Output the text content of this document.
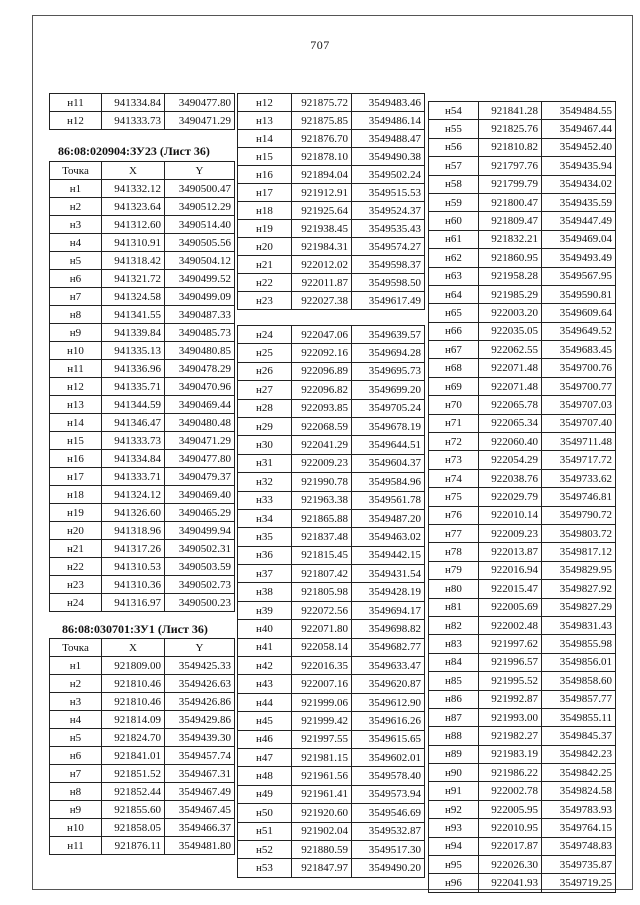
707
н11	941334.84	3490477.80
н12	941333.73	3490471.29
86:08:020904:ЗУ23 (Лист 36)
Точка	X	Y
н1	941332.12	3490500.47
н2	941323.64	3490512.29
н3	941312.60	3490514.40
н4	941310.91	3490505.56
н5	941318.42	3490504.12
н6	941321.72	3490499.52
н7	941324.58	3490499.09
н8	941341.55	3490487.33
н9	941339.84	3490485.73
н10	941335.13	3490480.85
н11	941336.96	3490478.29
н12	941335.71	3490470.96
н13	941344.59	3490469.44
н14	941346.47	3490480.48
н15	941333.73	3490471.29
н16	941334.84	3490477.80
н17	941333.71	3490479.37
н18	941324.12	3490469.40
н19	941326.60	3490465.29
н20	941318.96	3490499.94
н21	941317.26	3490502.31
н22	941310.53	3490503.59
н23	941310.36	3490502.73
н24	941316.97	3490500.23
86:08:030701:ЗУ1 (Лист 36)
Точка	X	Y
н1	921809.00	3549425.33
н2	921810.46	3549426.63
н3	921810.46	3549426.86
н4	921814.09	3549429.86
н5	921824.70	3549439.30
н6	921841.01	3549457.74
н7	921851.52	3549467.31
н8	921852.44	3549467.49
н9	921855.60	3549467.45
н10	921858.05	3549466.37
н11	921876.11	3549481.80
н12	921875.72	3549483.46
н13	921875.85	3549486.14
н14	921876.70	3549488.47
н15	921878.10	3549490.38
н16	921894.04	3549502.24
н17	921912.91	3549515.53
н18	921925.64	3549524.37
н19	921938.45	3549535.43
н20	921984.31	3549574.27
н21	922012.02	3549598.37
н22	922011.87	3549598.50
н23	922027.38	3549617.49
н24	922047.06	3549639.57
н25	922092.16	3549694.28
н26	922096.89	3549695.73
н27	922096.82	3549699.20
н28	922093.85	3549705.24
н29	922068.59	3549678.19
н30	922041.29	3549644.51
н31	922009.23	3549604.37
н32	921990.78	3549584.96
н33	921963.38	3549561.78
н34	921865.88	3549487.20
н35	921837.48	3549463.02
н36	921815.45	3549442.15
н37	921807.42	3549431.54
н38	921805.98	3549428.19
н39	922072.56	3549694.17
н40	922071.80	3549698.82
н41	922058.14	3549682.77
н42	922016.35	3549633.47
н43	922007.16	3549620.87
н44	921999.06	3549612.90
н45	921999.42	3549616.26
н46	921997.55	3549615.65
н47	921981.15	3549602.01
н48	921961.56	3549578.40
н49	921961.41	3549573.94
н50	921920.60	3549546.69
н51	921902.04	3549532.87
н52	921880.59	3549517.30
н53	921847.97	3549490.20
н54	921841.28	3549484.55
н55	921825.76	3549467.44
н56	921810.82	3549452.40
н57	921797.76	3549435.94
н58	921799.79	3549434.02
н59	921800.47	3549435.59
н60	921809.47	3549447.49
н61	921832.21	3549469.04
н62	921860.95	3549493.49
н63	921958.28	3549567.95
н64	921985.29	3549590.81
н65	922003.20	3549609.64
н66	922035.05	3549649.52
н67	922062.55	3549683.45
н68	922071.48	3549700.76
н69	922071.48	3549700.77
н70	922065.78	3549707.03
н71	922065.34	3549707.40
н72	922060.40	3549711.48
н73	922054.29	3549717.72
н74	922038.76	3549733.62
н75	922029.79	3549746.81
н76	922010.14	3549790.72
н77	922009.23	3549803.72
н78	922013.87	3549817.12
н79	922016.94	3549829.95
н80	922015.47	3549827.92
н81	922005.69	3549827.29
н82	922002.48	3549831.43
н83	921997.62	3549855.98
н84	921996.57	3549856.01
н85	921995.52	3549858.60
н86	921992.87	3549857.77
н87	921993.00	3549855.11
н88	921982.27	3549845.37
н89	921983.19	3549842.23
н90	921986.22	3549842.25
н91	922002.78	3549824.58
н92	922005.95	3549783.93
н93	922010.95	3549764.15
н94	922017.87	3549748.83
н95	922026.30	3549735.87
н96	922041.93	3549719.25
